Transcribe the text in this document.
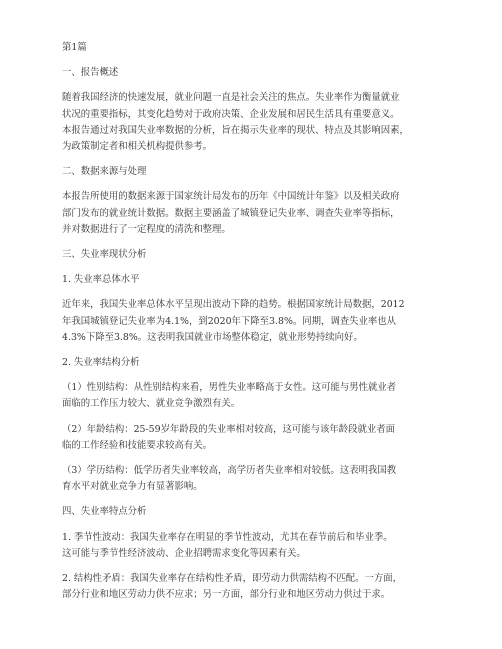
第1篇
一、报告概述
随着我国经济的快速发展，就业问题一直是社会关注的焦点。失业率作为衡量就业
状况的重要指标，其变化趋势对于政府决策、企业发展和居民生活具有重要意义。
本报告通过对我国失业率数据的分析，旨在揭示失业率的现状、特点及其影响因素，
为政策制定者和相关机构提供参考。
二、数据来源与处理
本报告所使用的数据来源于国家统计局发布的历年《中国统计年鉴》以及相关政府
部门发布的就业统计数据。数据主要涵盖了城镇登记失业率、调查失业率等指标，
并对数据进行了一定程度的清洗和整理。
三、失业率现状分析
1. 失业率总体水平
近年来，我国失业率总体水平呈现出波动下降的趋势。根据国家统计局数据，2012
年我国城镇登记失业率为4.1%，到2020年下降至3.8%。同期，调查失业率也从
4.3%下降至3.8%。这表明我国就业市场整体稳定，就业形势持续向好。
2. 失业率结构分析
（1）性别结构：从性别结构来看，男性失业率略高于女性。这可能与男性就业者
面临的工作压力较大、就业竞争激烈有关。
（2）年龄结构：25-59岁年龄段的失业率相对较高，这可能与该年龄段就业者面
临的工作经验和技能要求较高有关。
（3）学历结构：低学历者失业率较高，高学历者失业率相对较低。这表明我国教
育水平对就业竞争力有显著影响。
四、失业率特点分析
1. 季节性波动：我国失业率存在明显的季节性波动，尤其在春节前后和毕业季。
这可能与季节性经济波动、企业招聘需求变化等因素有关。
2. 结构性矛盾：我国失业率存在结构性矛盾，即劳动力供需结构不匹配。一方面，
部分行业和地区劳动力供不应求；另一方面，部分行业和地区劳动力供过于求。
